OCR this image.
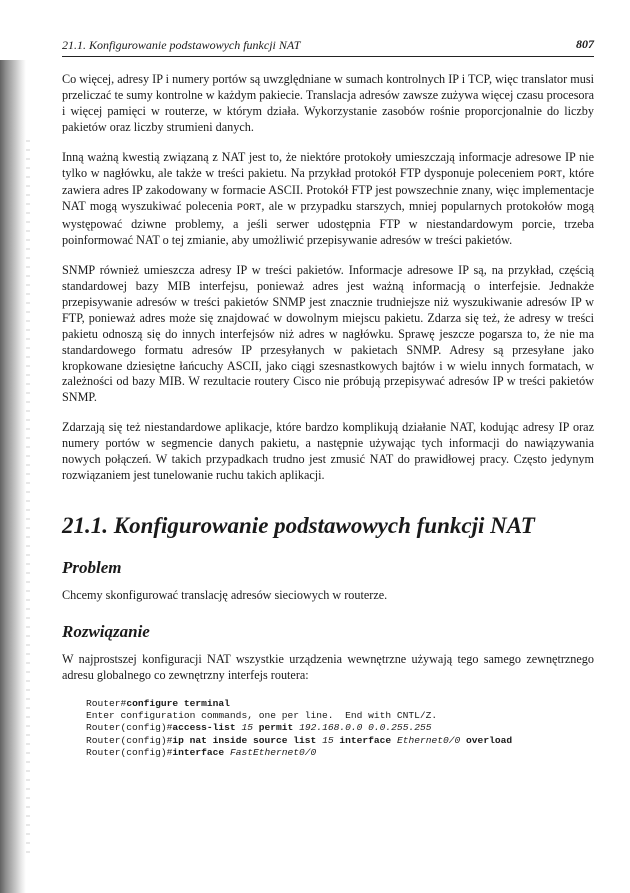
21.1. Konfigurowanie podstawowych funkcji NAT	807

Co więcej, adresy IP i numery portów są uwzględniane w sumach kontrolnych IP i TCP, więc translator musi przeliczać te sumy kontrolne w każdym pakiecie. Translacja adresów zawsze zużywa więcej czasu procesora i więcej pamięci w routerze, w którym działa. Wykorzystanie zasobów rośnie proporcjonalnie do liczby pakietów oraz liczby strumieni danych.

Inną ważną kwestią związaną z NAT jest to, że niektóre protokoły umieszczają informacje adresowe IP nie tylko w nagłówku, ale także w treści pakietu. Na przykład protokół FTP dysponuje poleceniem PORT, które zawiera adres IP zakodowany w formacie ASCII. Protokół FTP jest powszechnie znany, więc implementacje NAT mogą wyszukiwać polecenia PORT, ale w przypadku starszych, mniej popularnych protokołów mogą występować dziwne problemy, a jeśli serwer udostępnia FTP w niestandardowym porcie, trzeba poinformować NAT o tej zmianie, aby umożliwić przepisywanie adresów w treści pakietów.

SNMP również umieszcza adresy IP w treści pakietów. Informacje adresowe IP są, na przykład, częścią standardowej bazy MIB interfejsu, ponieważ adres jest ważną informacją o interfejsie. Jednakże przepisywanie adresów w treści pakietów SNMP jest znacznie trudniejsze niż wyszukiwanie adresów IP w FTP, ponieważ adres może się znajdować w dowolnym miejscu pakietu. Zdarza się też, że adresy w treści pakietu odnoszą się do innych interfejsów niż adres w nagłówku. Sprawę jeszcze pogarsza to, że nie ma standardowego formatu adresów IP przesyłanych w pakietach SNMP. Adresy są przesyłane jako kropkowane dziesiętne łańcuchy ASCII, jako ciągi szesnastkowych bajtów i w wielu innych formatach, w zależności od bazy MIB. W rezultacie routery Cisco nie próbują przepisywać adresów IP w treści pakietów SNMP.

Zdarzają się też niestandardowe aplikacje, które bardzo komplikują działanie NAT, kodując adresy IP oraz numery portów w segmencie danych pakietu, a następnie używając tych informacji do nawiązywania nowych połączeń. W takich przypadkach trudno jest zmusić NAT do prawidłowej pracy. Często jedynym rozwiązaniem jest tunelowanie ruchu takich aplikacji.

21.1. Konfigurowanie podstawowych funkcji NAT
Problem

Chcemy skonfigurować translację adresów sieciowych w routerze.

Rozwiązanie

W najprostszej konfiguracji NAT wszystkie urządzenia wewnętrzne używają tego samego zewnętrznego adresu globalnego co zewnętrzny interfejs routera:

Router#configure terminal
Enter configuration commands, one per line.  End with CNTL/Z.
Router(config)#access-list 15 permit 192.168.0.0 0.0.255.255
Router(config)#ip nat inside source list 15 interface Ethernet0/0 overload
Router(config)#interface FastEthernet0/0
